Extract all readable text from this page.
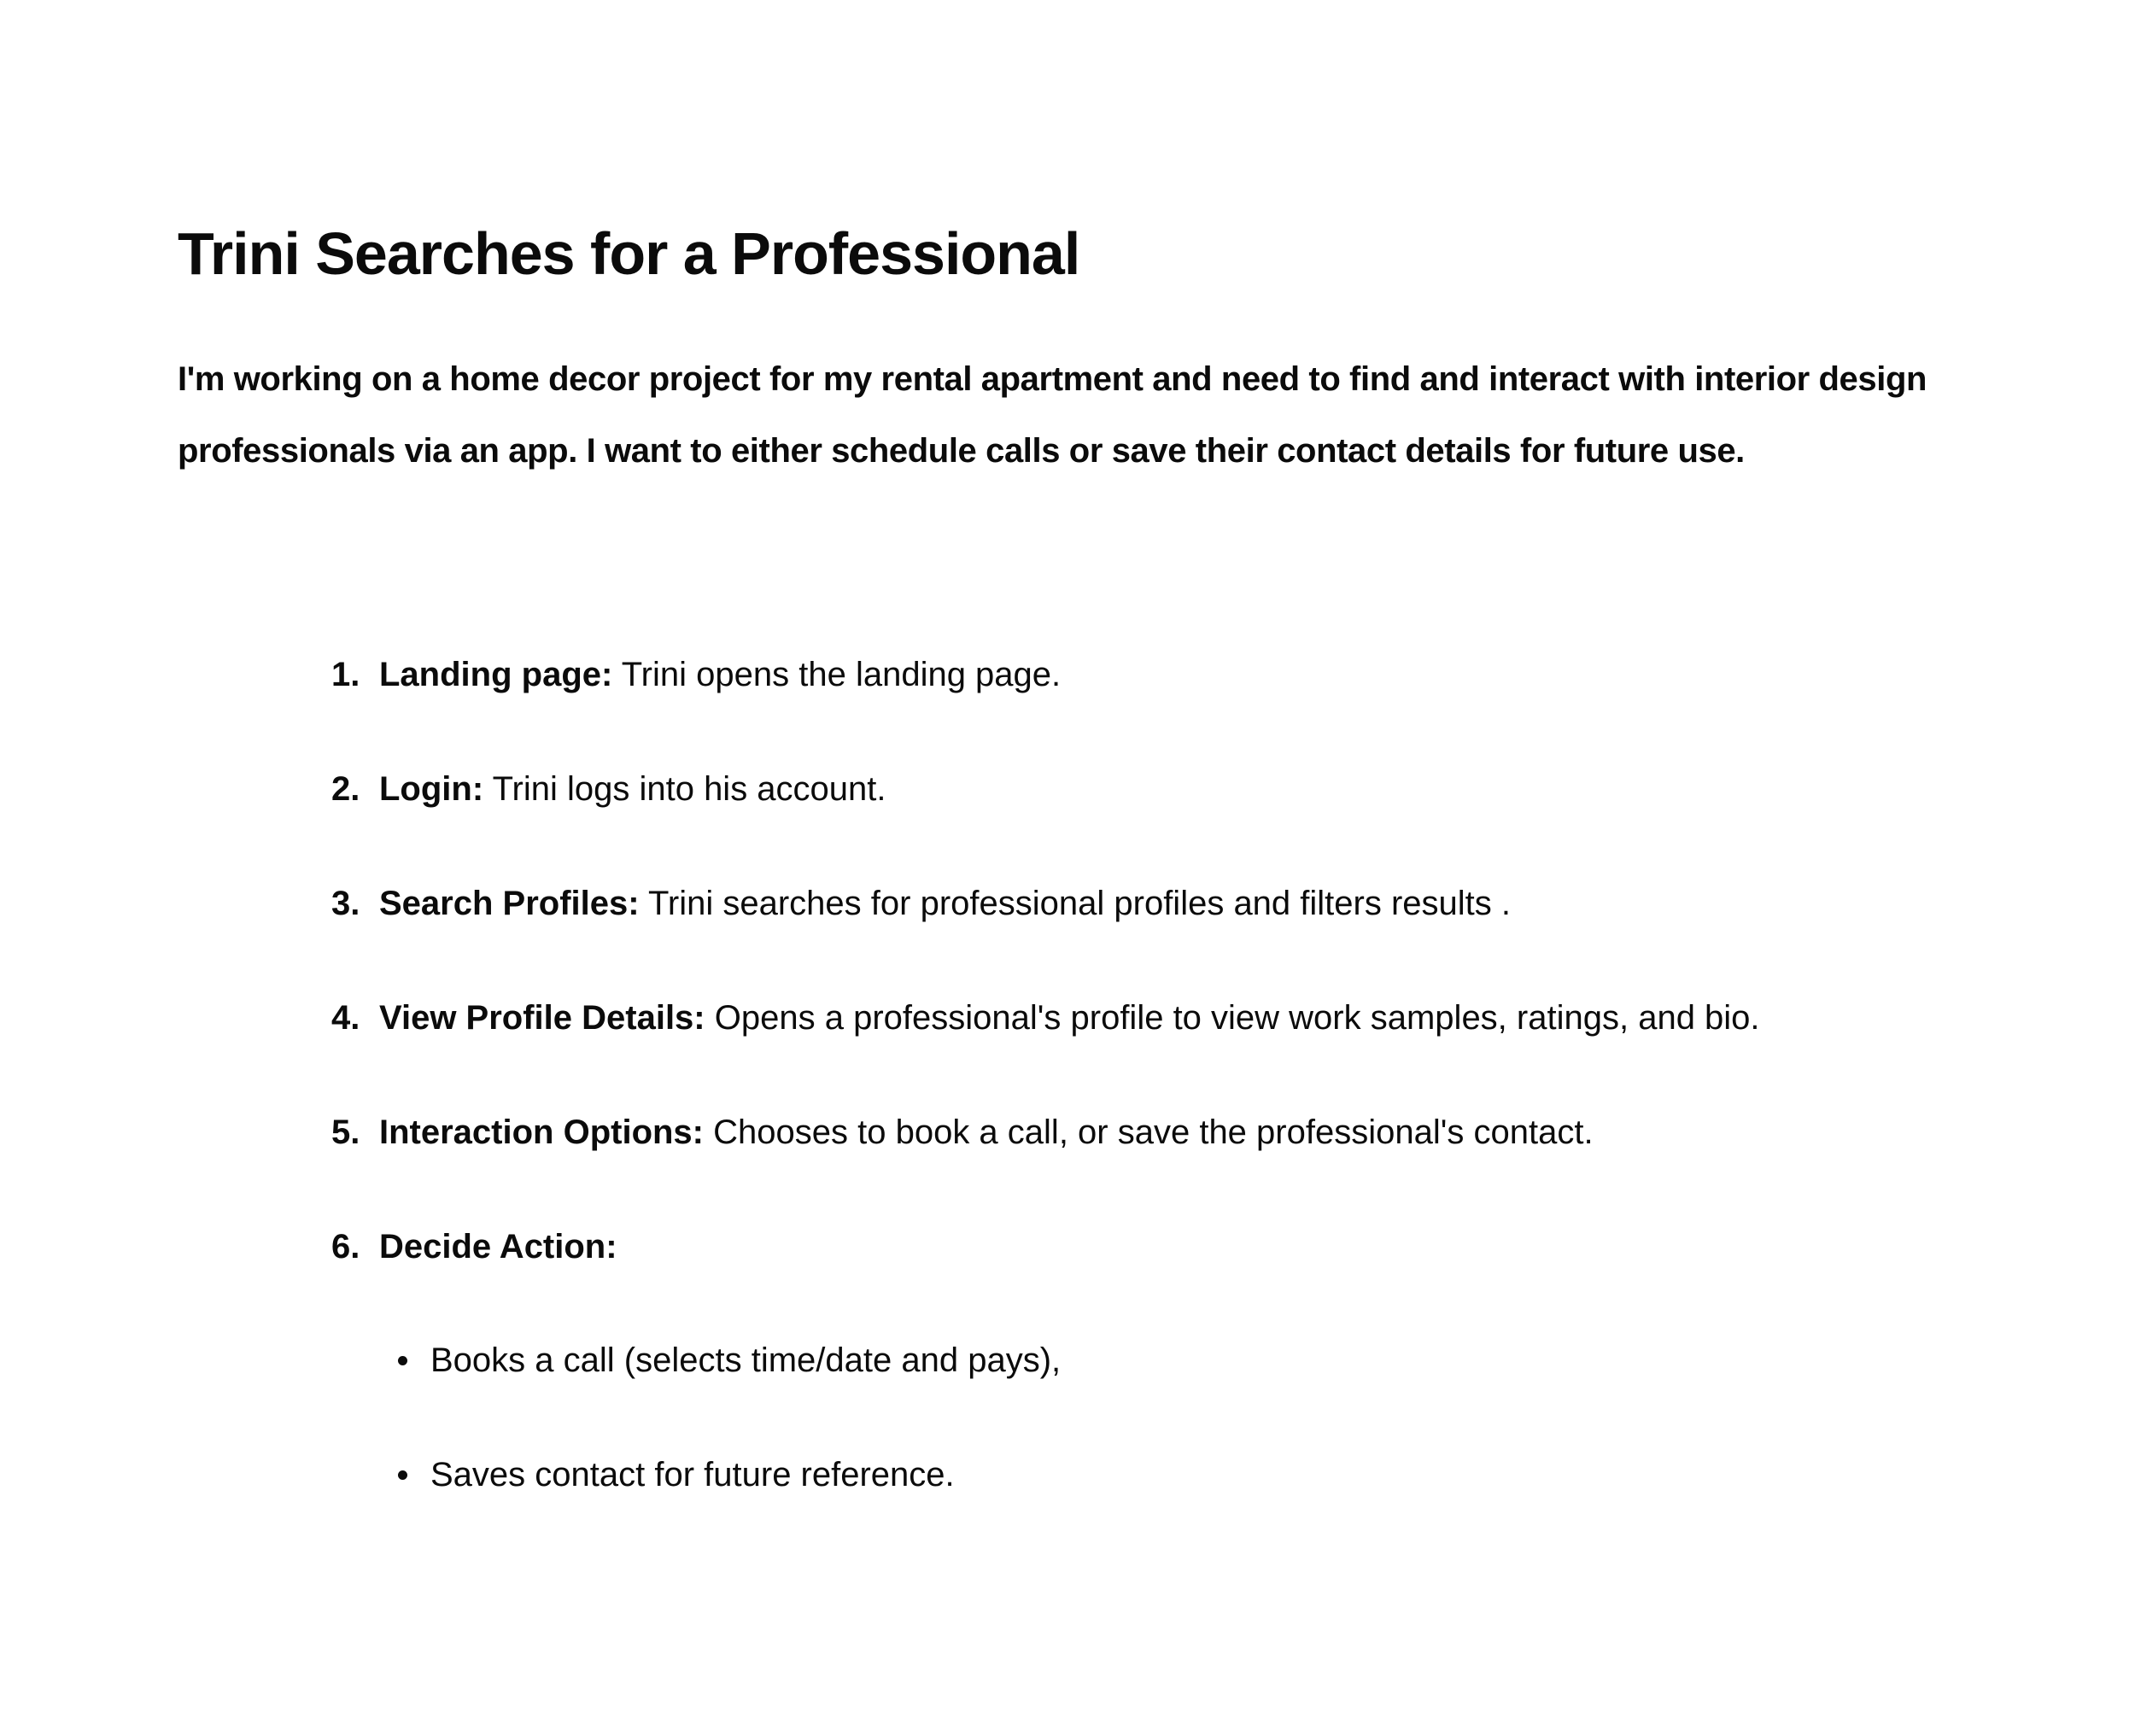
Trini Searches for a Professional

I'm working on a home decor project for my rental apartment and need to find and interact with interior design professionals via an app. I want to either schedule calls or save their contact details for future use.

1. Landing page: Trini opens the landing page.
2. Login: Trini logs into his account.
3. Search Profiles: Trini searches for professional profiles and filters results .
4. View Profile Details: Opens a professional's profile to view work samples, ratings, and bio.
5. Interaction Options: Chooses to book a call, or save the professional's contact.
6. Decide Action:
Books a call (selects time/date and pays),
Saves contact for future reference.
